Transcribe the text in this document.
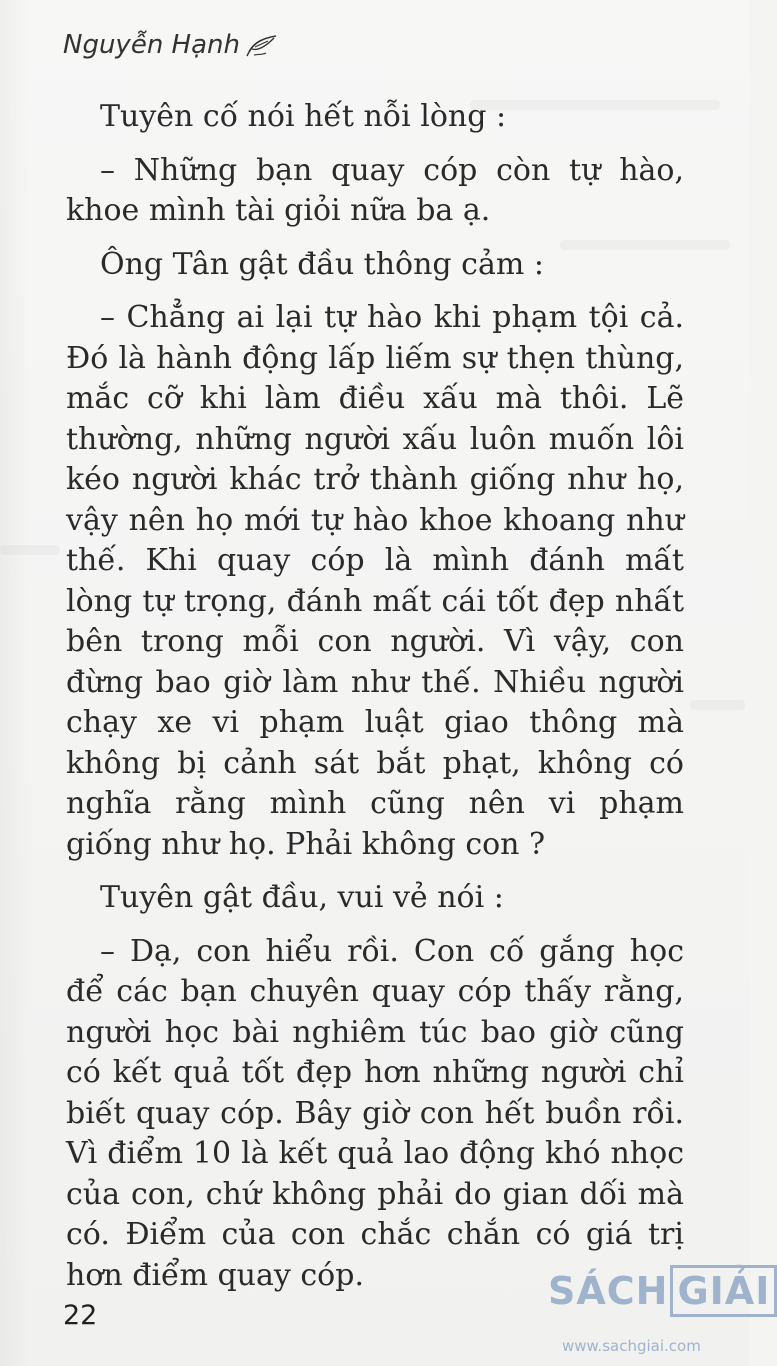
Nguyễn Hạnh

Tuyên cố nói hết nỗi lòng :

– Những bạn quay cóp còn tự hào, khoe mình tài giỏi nữa ba ạ.

Ông Tân gật đầu thông cảm :

– Chẳng ai lại tự hào khi phạm tội cả. Đó là hành động lấp liếm sự thẹn thùng, mắc cỡ khi làm điều xấu mà thôi. Lẽ thường, những người xấu luôn muốn lôi kéo người khác trở thành giống như họ, vậy nên họ mới tự hào khoe khoang như thế. Khi quay cóp là mình đánh mất lòng tự trọng, đánh mất cái tốt đẹp nhất bên trong mỗi con người. Vì vậy, con đừng bao giờ làm như thế. Nhiều người chạy xe vi phạm luật giao thông mà không bị cảnh sát bắt phạt, không có nghĩa rằng mình cũng nên vi phạm giống như họ. Phải không con ?

Tuyên gật đầu, vui vẻ nói :

– Dạ, con hiểu rồi. Con cố gắng học để các bạn chuyên quay cóp thấy rằng, người học bài nghiêm túc bao giờ cũng có kết quả tốt đẹp hơn những người chỉ biết quay cóp. Bây giờ con hết buồn rồi. Vì điểm 10 là kết quả lao động khó nhọc của con, chứ không phải do gian dối mà có. Điểm của con chắc chắn có giá trị hơn điểm quay cóp.

22
SÁCH GIẢI
www.sachgiai.com
